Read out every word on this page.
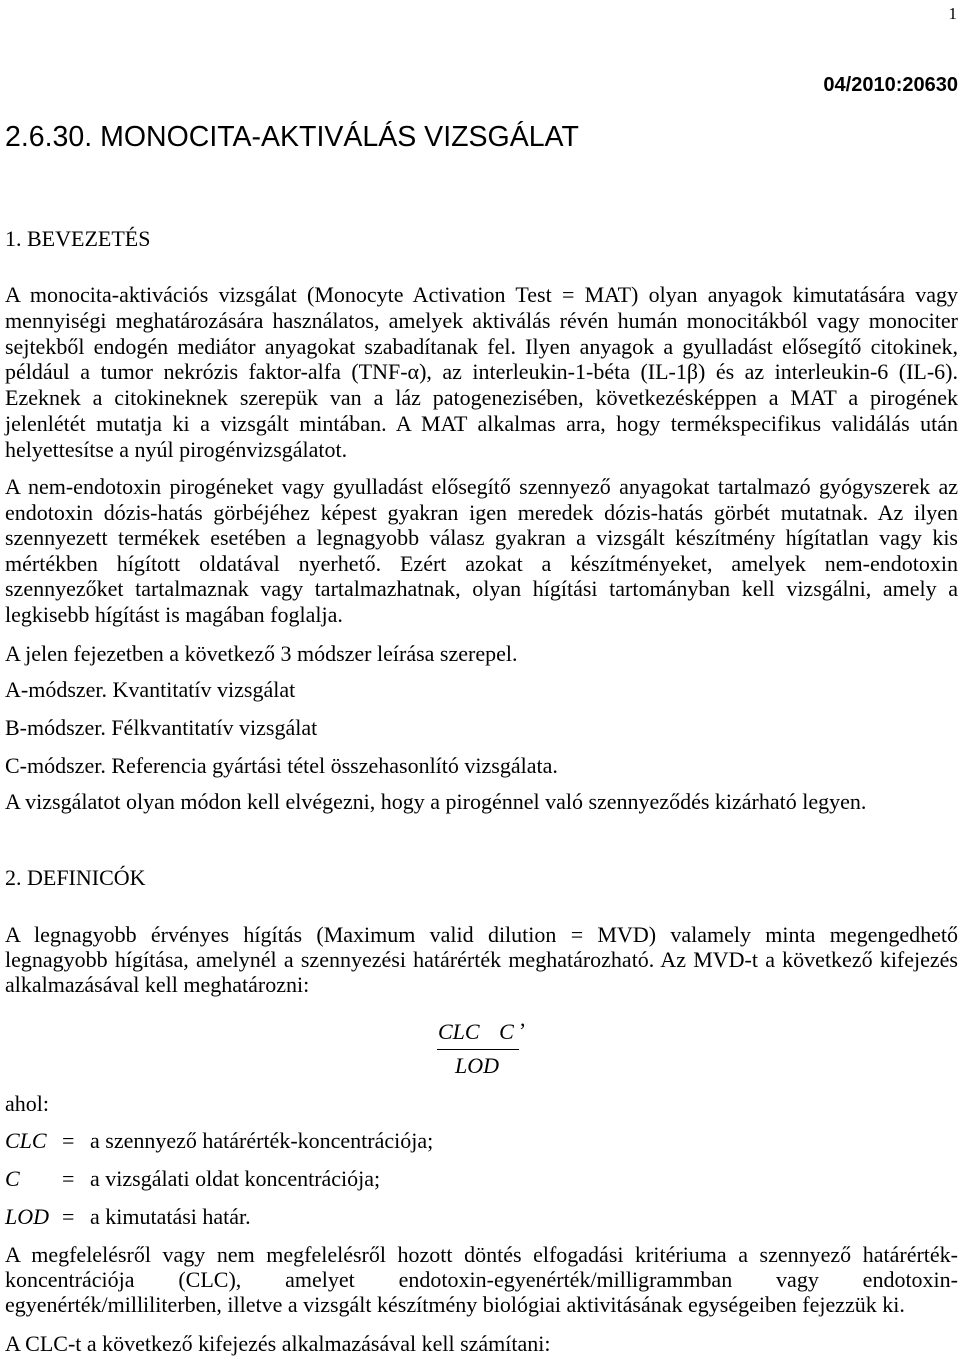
1
04/2010:20630
2.6.30. MONOCITA-AKTIVÁLÁS VIZSGÁLAT
1. BEVEZETÉS
A monocita-aktivációs vizsgálat (Monocyte Activation Test = MAT) olyan anyagok kimutatására vagy
mennyiségi meghatározására használatos, amelyek aktiválás révén humán monocitákból vagy monociter
sejtekből endogén mediátor anyagokat szabadítanak fel. Ilyen anyagok a gyulladást elősegítő citokinek,
például a tumor nekrózis faktor-alfa (TNF-α), az interleukin-1-béta (IL-1β) és az interleukin-6 (IL-6).
Ezeknek a citokineknek szerepük van a láz patogenezisében, következésképpen a MAT a pirogének
jelenlétét mutatja ki a vizsgált mintában. A MAT alkalmas arra, hogy termékspecifikus validálás után
helyettesítse a nyúl pirogénvizsgálatot.
A nem-endotoxin pirogéneket vagy gyulladást elősegítő szennyező anyagokat tartalmazó gyógyszerek az
endotoxin dózis-hatás görbéjéhez képest gyakran igen meredek dózis-hatás görbét mutatnak. Az ilyen
szennyezett termékek esetében a legnagyobb válasz gyakran a vizsgált készítmény hígítatlan vagy kis
mértékben hígított oldatával nyerhető. Ezért azokat a készítményeket, amelyek nem-endotoxin
szennyezőket tartalmaznak vagy tartalmazhatnak, olyan hígítási tartományban kell vizsgálni, amely a
legkisebb hígítást is magában foglalja.
A jelen fejezetben a következő 3 módszer leírása szerepel.
A-módszer. Kvantitatív vizsgálat
B-módszer. Félkvantitatív vizsgálat
C-módszer. Referencia gyártási tétel összehasonlító vizsgálata.
A vizsgálatot olyan módon kell elvégezni, hogy a pirogénnel való szennyeződés kizárható legyen.
2. DEFINICÓK
A legnagyobb érvényes hígítás (Maximum valid dilution = MVD) valamely minta megengedhető
legnagyobb hígítása, amelynél a szennyezési határérték meghatározható. Az MVD-t a következő kifejezés
alkalmazásával kell meghatározni:
CLC C
,
LOD
ahol:
CLC = a szennyező határérték-koncentrációja;
C = a vizsgálati oldat koncentrációja;
LOD = a kimutatási határ.
A megfelelésről vagy nem megfelelésről hozott döntés elfogadási kritériuma a szennyező határérték-
koncentrációja (CLC), amelyet endotoxin-egyenérték/milligrammban vagy endotoxin-
egyenérték/milliliterben, illetve a vizsgált készítmény biológiai aktivitásának egységeiben fejezzük ki.
A CLC-t a következő kifejezés alkalmazásával kell számítani:
